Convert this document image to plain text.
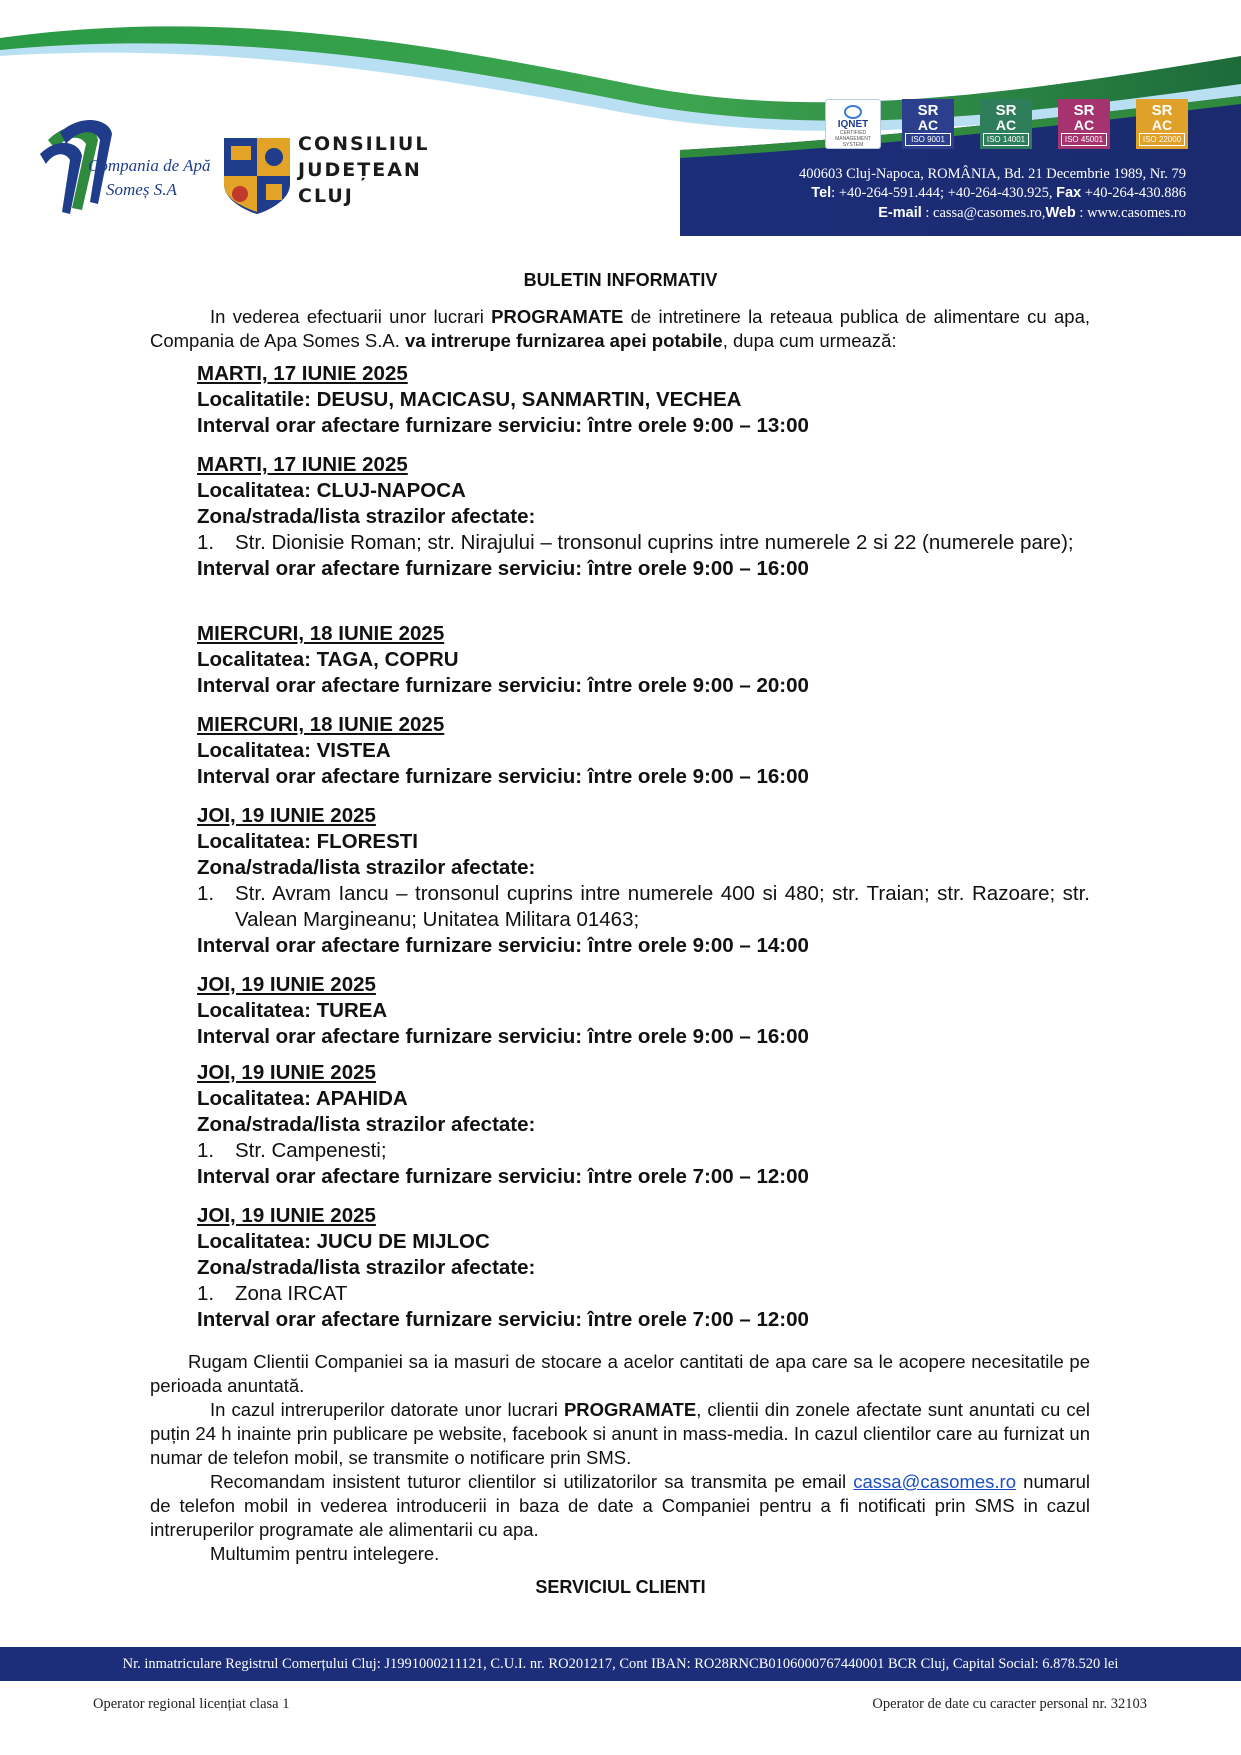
Compania de Apă
Someș S.A
CONSILIUL
JUDEȚEAN
CLUJ
IQNET
CERTIFIED MANAGEMENT SYSTEM
SR
AC
ISO 9001
SR
AC
ISO 14001
SR
AC
ISO 45001
SR
AC
ISO 22000
400603 Cluj-Napoca, ROMÂNIA, Bd. 21 Decembrie 1989, Nr. 79
Tel: +40-264-591.444; +40-264-430.925, Fax +40-264-430.886
E-mail : cassa@casomes.ro,Web : www.casomes.ro
BULETIN INFORMATIV
In vederea efectuarii unor lucrari PROGRAMATE de intretinere la reteaua publica de alimentare cu apa, Compania de Apa Somes S.A. va intrerupe furnizarea apei potabile, dupa cum urmează:
MARTI, 17 IUNIE 2025
Localitatile: DEUSU, MACICASU, SANMARTIN, VECHEA
Interval orar afectare furnizare serviciu: între orele 9:00 – 13:00
MARTI, 17 IUNIE 2025
Localitatea: CLUJ-NAPOCA
Zona/strada/lista strazilor afectate:
1. Str. Dionisie Roman; str. Nirajului – tronsonul cuprins intre numerele 2 si 22 (numerele pare);
Interval orar afectare furnizare serviciu: între orele 9:00 – 16:00
MIERCURI, 18 IUNIE 2025
Localitatea: TAGA, COPRU
Interval orar afectare furnizare serviciu: între orele 9:00 – 20:00
MIERCURI, 18 IUNIE 2025
Localitatea: VISTEA
Interval orar afectare furnizare serviciu: între orele 9:00 – 16:00
JOI, 19 IUNIE 2025
Localitatea: FLORESTI
Zona/strada/lista strazilor afectate:
1. Str. Avram Iancu – tronsonul cuprins intre numerele 400 si 480; str. Traian; str. Razoare; str. Valean Margineanu; Unitatea Militara 01463;
Interval orar afectare furnizare serviciu: între orele 9:00 – 14:00
JOI, 19 IUNIE 2025
Localitatea: TUREA
Interval orar afectare furnizare serviciu: între orele 9:00 – 16:00
JOI, 19 IUNIE 2025
Localitatea: APAHIDA
Zona/strada/lista strazilor afectate:
1. Str. Campenesti;
Interval orar afectare furnizare serviciu: între orele 7:00 – 12:00
JOI, 19 IUNIE 2025
Localitatea: JUCU DE MIJLOC
Zona/strada/lista strazilor afectate:
1. Zona IRCAT
Interval orar afectare furnizare serviciu: între orele 7:00 – 12:00
Rugam Clientii Companiei sa ia masuri de stocare a acelor cantitati de apa care sa le acopere necesitatile pe perioada anuntată.
In cazul intreruperilor datorate unor lucrari PROGRAMATE, clientii din zonele afectate sunt anuntati cu cel puțin 24 h inainte prin publicare pe website, facebook si anunt in mass-media. In cazul clientilor care au furnizat un numar de telefon mobil, se transmite o notificare prin SMS.
Recomandam insistent tuturor clientilor si utilizatorilor sa transmita pe email cassa@casomes.ro numarul de telefon mobil in vederea introducerii in baza de date a Companiei pentru a fi notificati prin SMS in cazul intreruperilor programate ale alimentarii cu apa.
Multumim pentru intelegere.
SERVICIUL CLIENTI
Nr. inmatriculare Registrul Comerțului Cluj: J1991000211121, C.U.I. nr. RO201217, Cont IBAN: RO28RNCB0106000767440001 BCR Cluj, Capital Social: 6.878.520 lei
Operator regional licențiat clasa 1	Operator de date cu caracter personal nr. 32103
